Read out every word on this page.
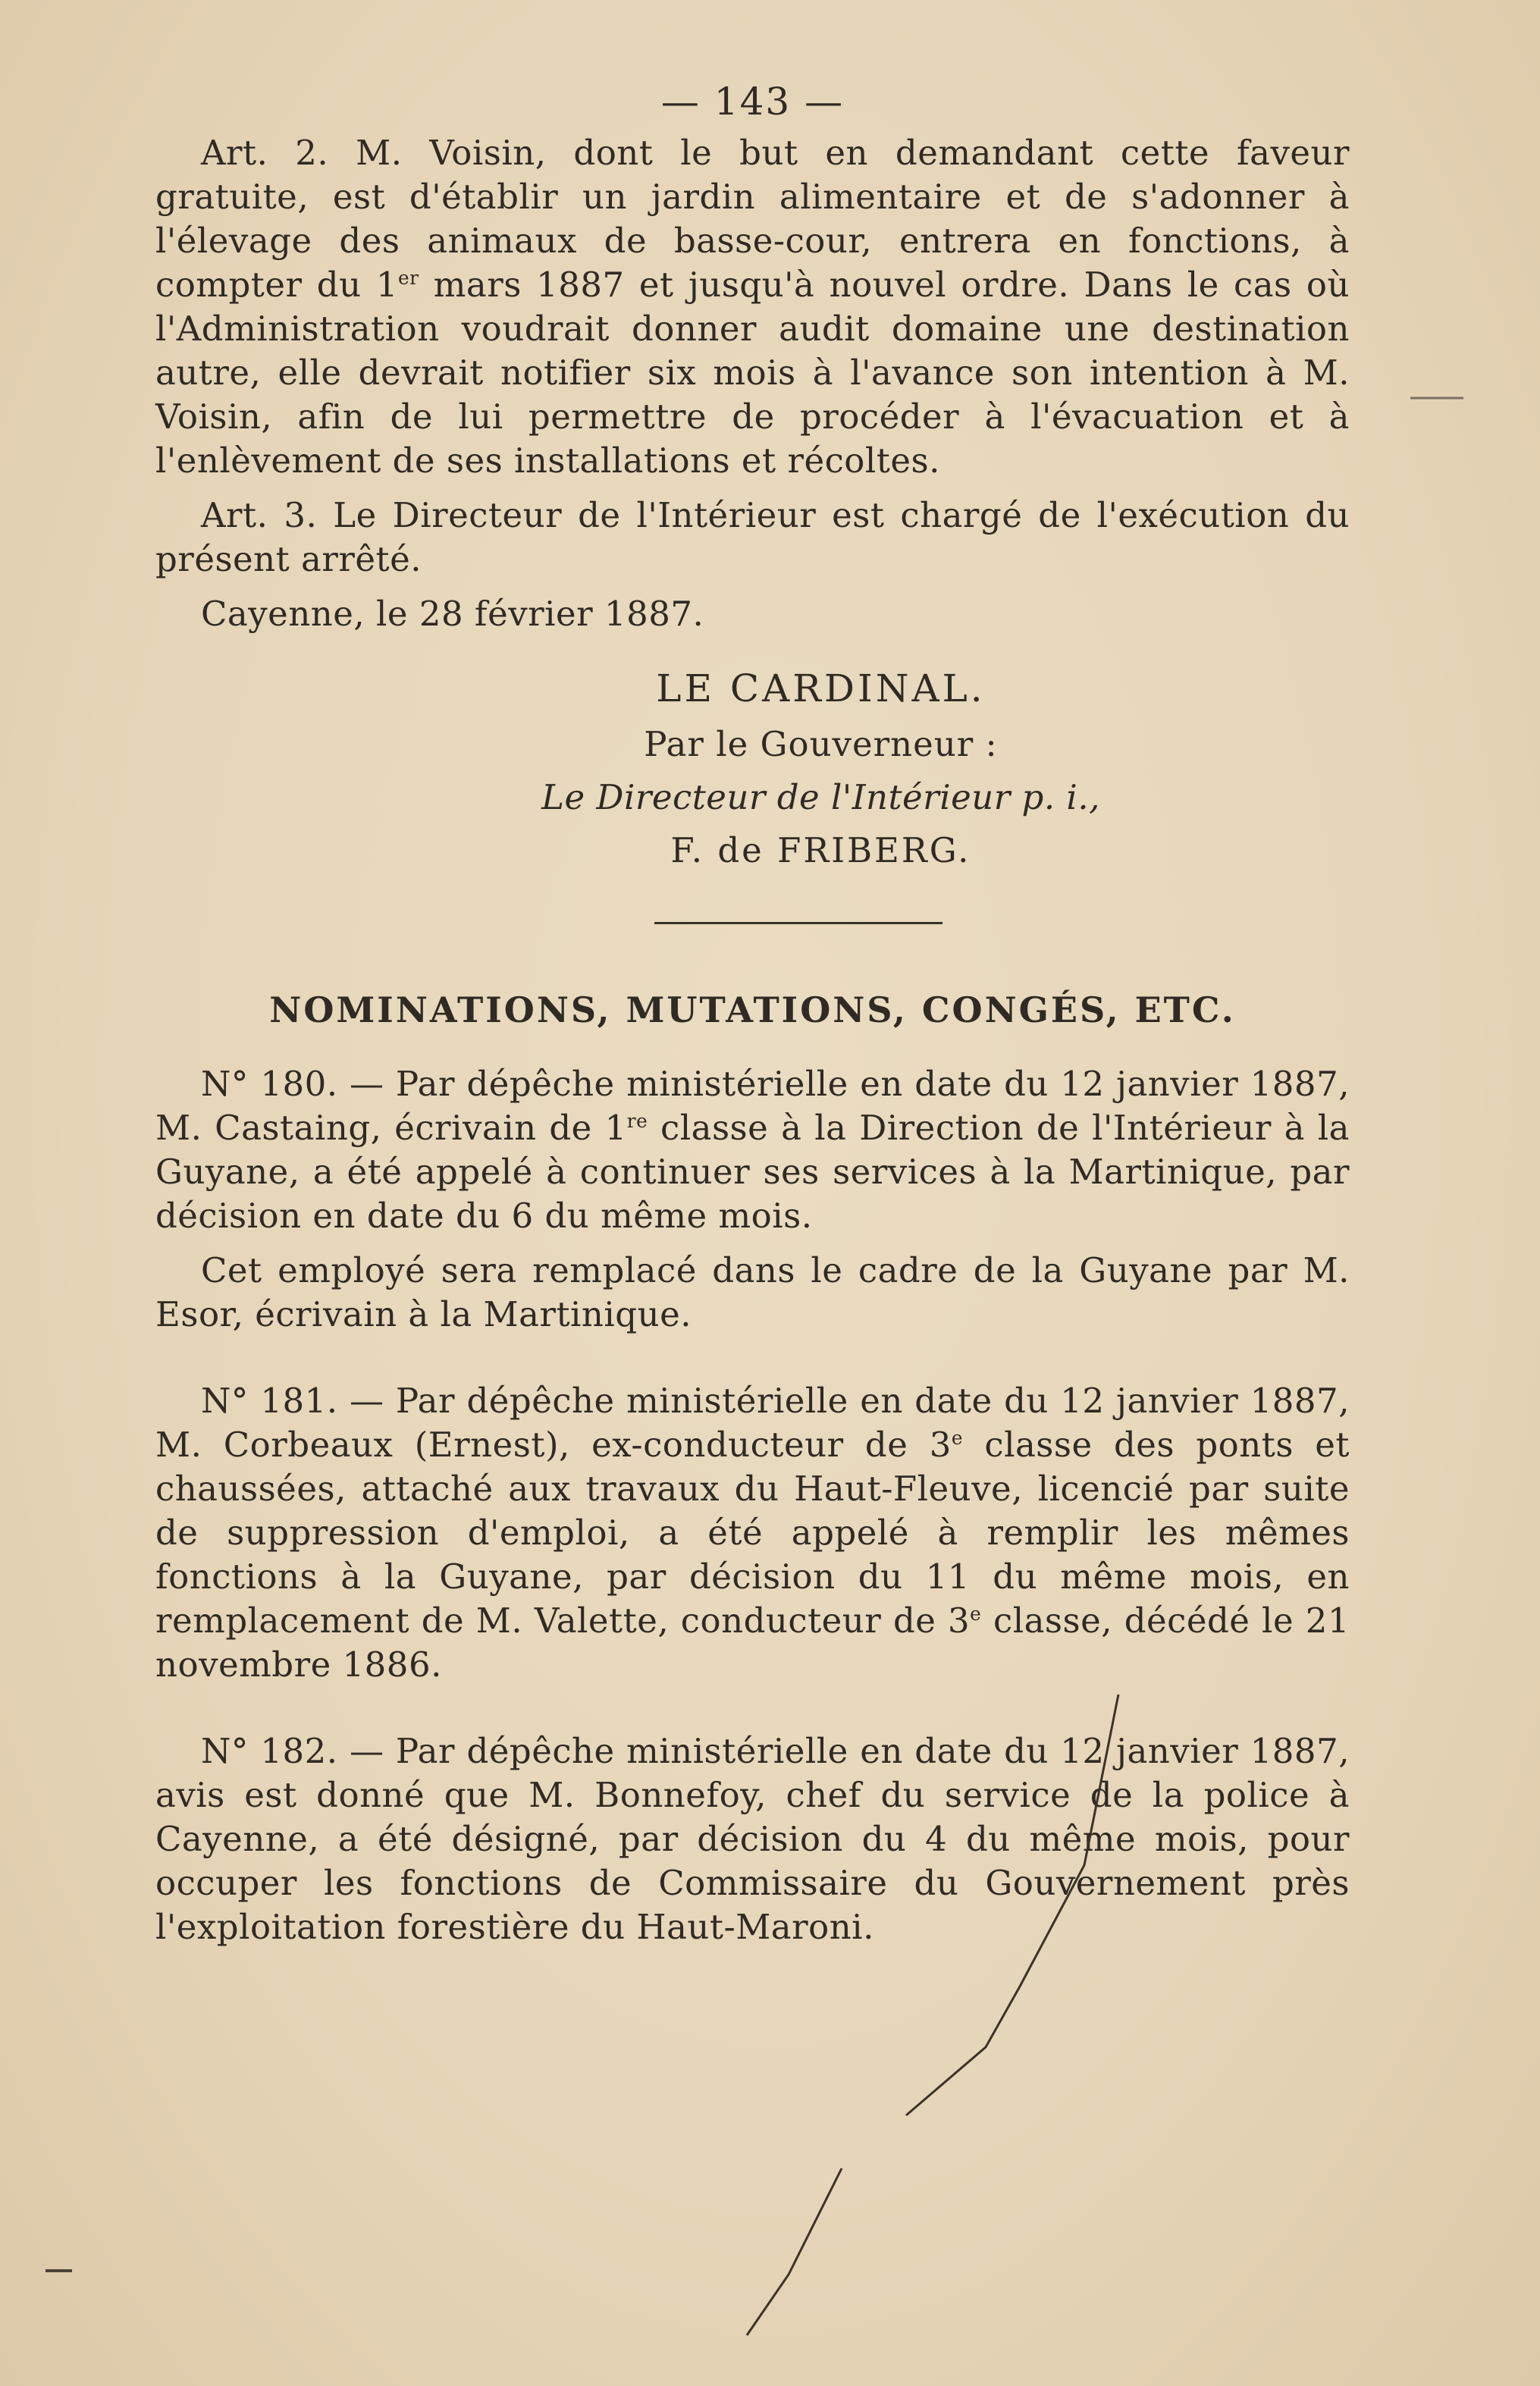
— 143 —

Art. 2. M. Voisin, dont le but en demandant cette faveur gratuite, est d'établir un jardin alimentaire et de s'adonner à l'élevage des animaux de basse-cour, entrera en fonctions, à compter du 1er mars 1887 et jusqu'à nouvel ordre. Dans le cas où l'Administration voudrait donner audit domaine une destination autre, elle devrait notifier six mois à l'avance son intention à M. Voisin, afin de lui permettre de procéder à l'évacuation et à l'enlèvement de ses installations et récoltes.

Art. 3. Le Directeur de l'Intérieur est chargé de l'exécution du présent arrêté.

Cayenne, le 28 février 1887.

LE CARDINAL.
Par le Gouverneur :
Le Directeur de l'Intérieur p. i.,
F. de FRIBERG.
NOMINATIONS, MUTATIONS, CONGÉS, ETC.

N° 180. — Par dépêche ministérielle en date du 12 janvier 1887, M. Castaing, écrivain de 1re classe à la Direction de l'Intérieur à la Guyane, a été appelé à continuer ses services à la Martinique, par décision en date du 6 du même mois.

Cet employé sera remplacé dans le cadre de la Guyane par M. Esor, écrivain à la Martinique.

N° 181. — Par dépêche ministérielle en date du 12 janvier 1887, M. Corbeaux (Ernest), ex-conducteur de 3e classe des ponts et chaussées, attaché aux travaux du Haut-Fleuve, licencié par suite de suppression d'emploi, a été appelé à remplir les mêmes fonctions à la Guyane, par décision du 11 du même mois, en remplacement de M. Valette, conducteur de 3e classe, décédé le 21 novembre 1886.

N° 182. — Par dépêche ministérielle en date du 12 janvier 1887, avis est donné que M. Bonnefoy, chef du service de la police à Cayenne, a été désigné, par décision du 4 du même mois, pour occuper les fonctions de Commissaire du Gouvernement près l'exploitation forestière du Haut-Maroni.
